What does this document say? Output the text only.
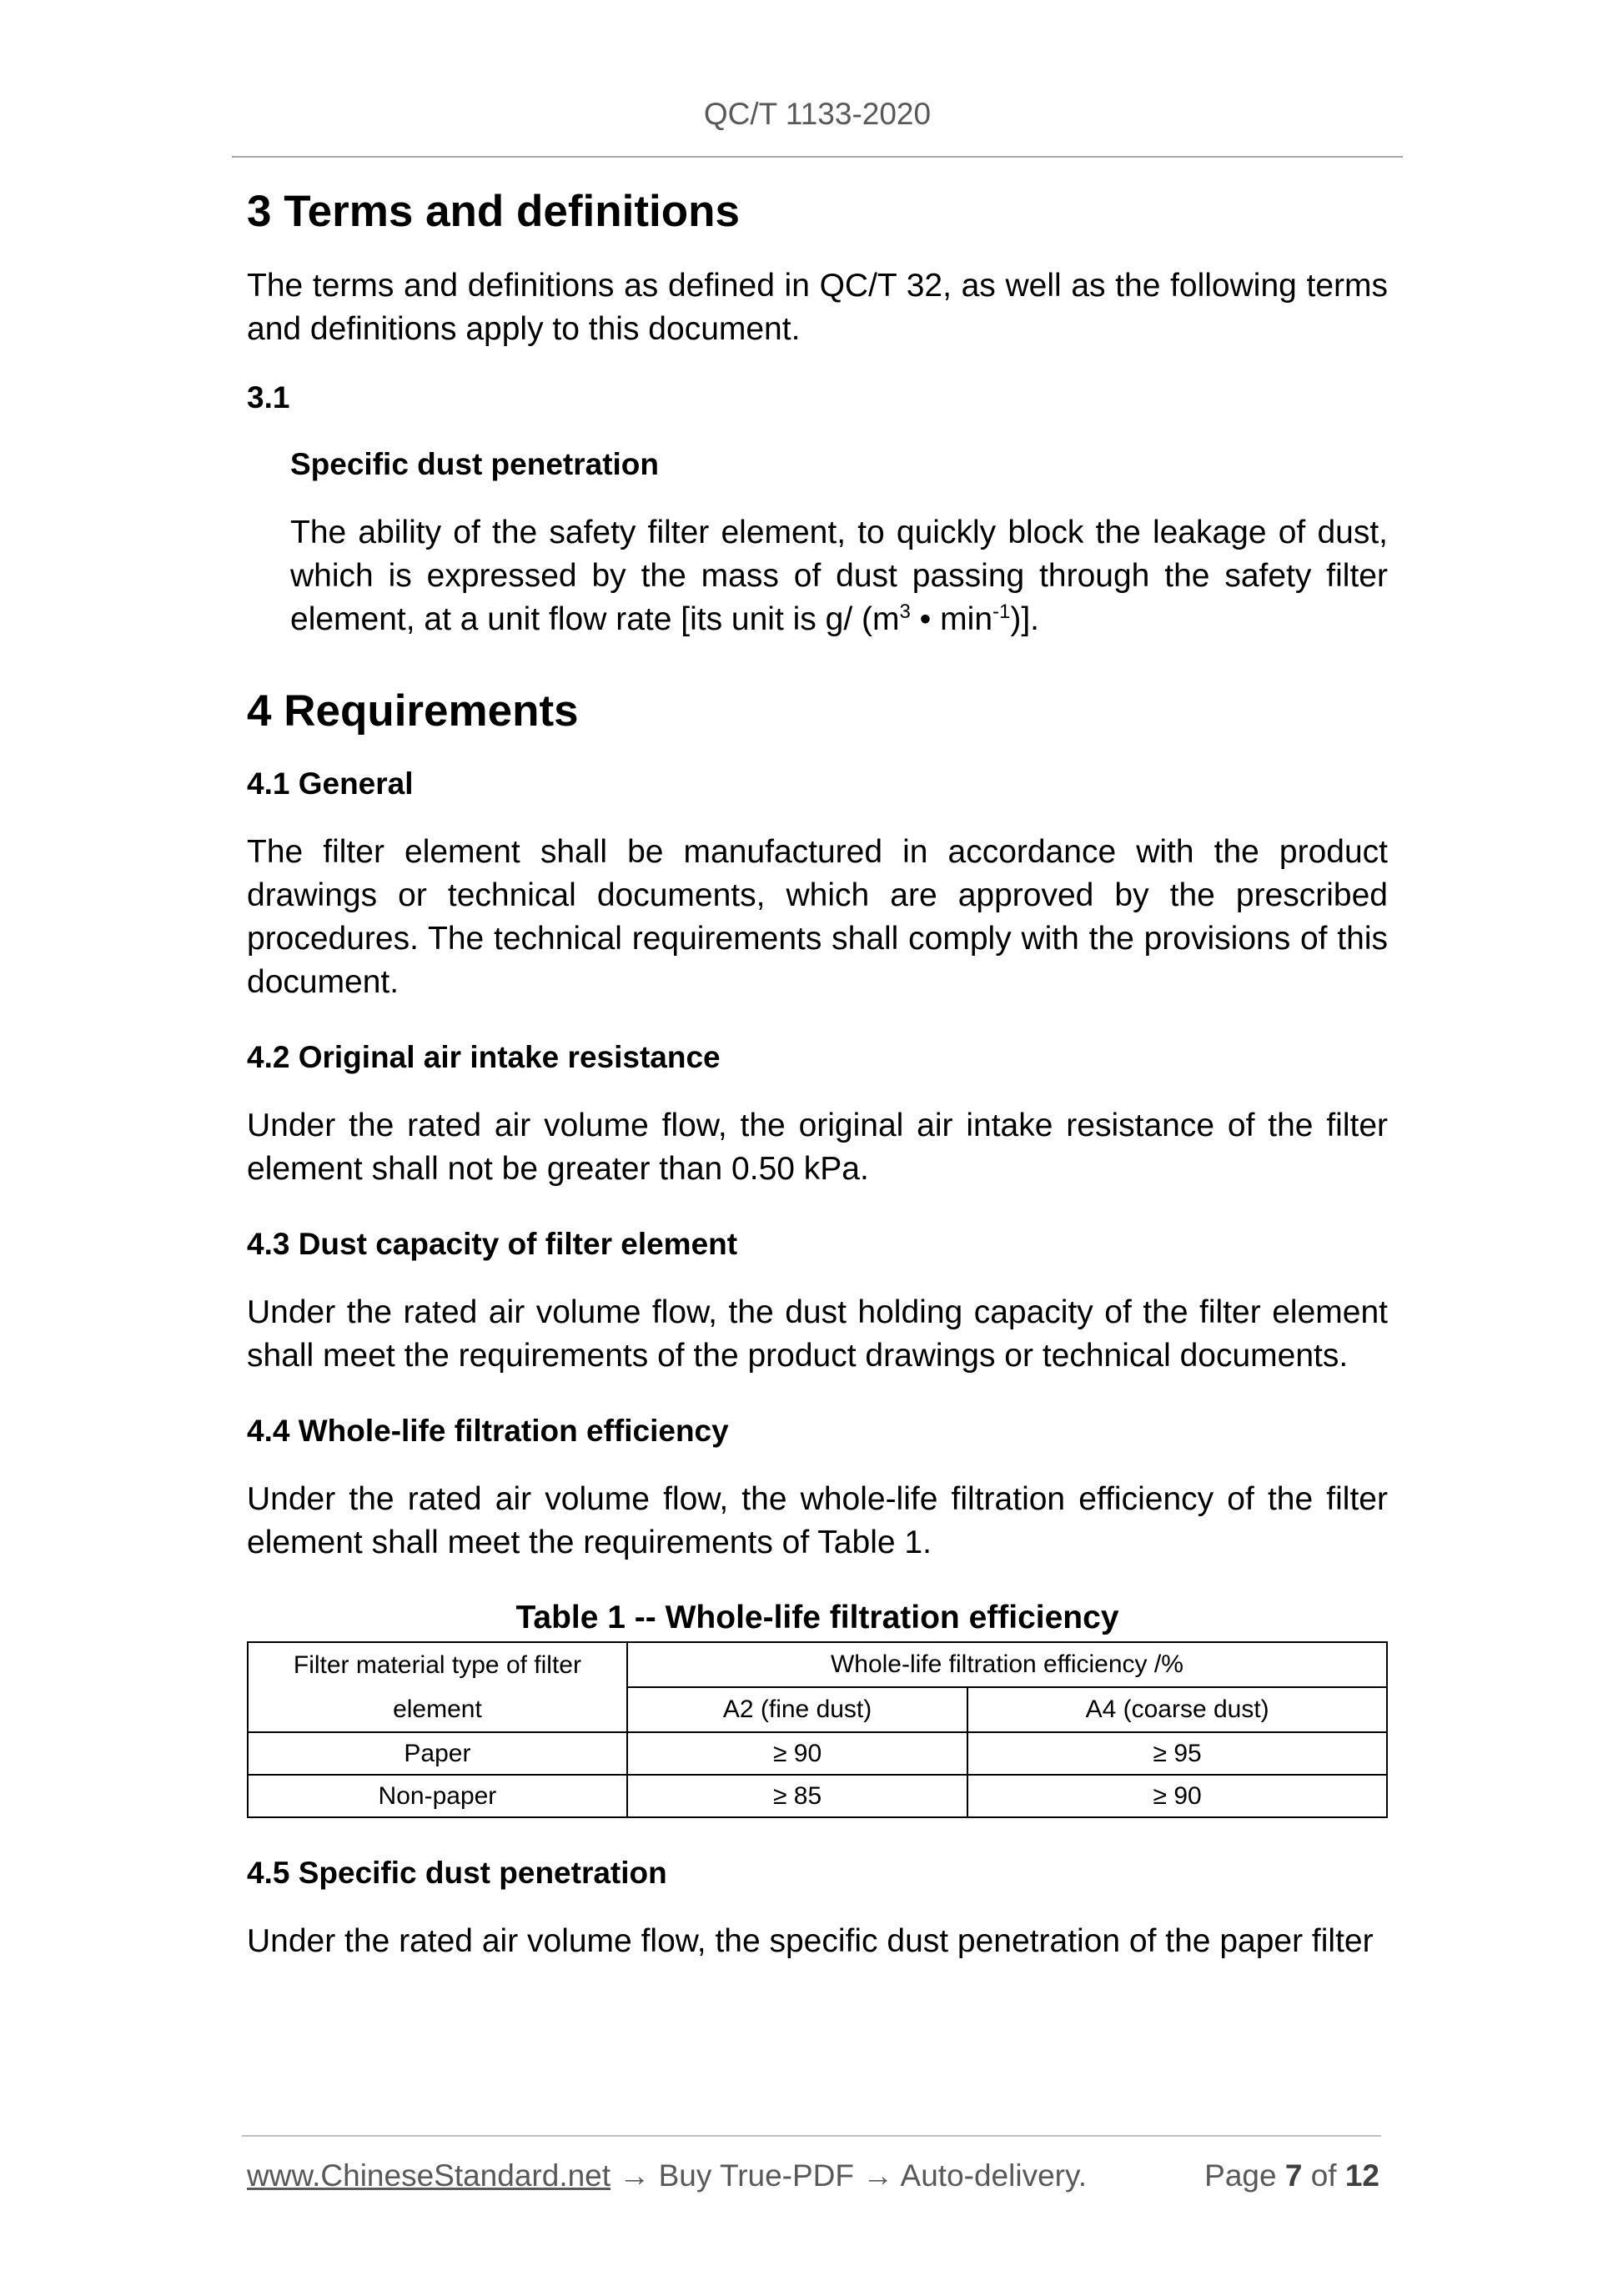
QC/T 1133-2020
3 Terms and definitions

The terms and definitions as defined in QC/T 32, as well as the following terms and definitions apply to this document.

3.1
Specific dust penetration

The ability of the safety filter element, to quickly block the leakage of dust, which is expressed by the mass of dust passing through the safety filter element, at a unit flow rate [its unit is g/ ($m^3$ • $\min^{-1}$)].

4 Requirements
4.1 General

The filter element shall be manufactured in accordance with the product drawings or technical documents, which are approved by the prescribed procedures. The technical requirements shall comply with the provisions of this document.

4.2 Original air intake resistance

Under the rated air volume flow, the original air intake resistance of the filter element shall not be greater than 0.50 kPa.

4.3 Dust capacity of filter element

Under the rated air volume flow, the dust holding capacity of the filter element shall meet the requirements of the product drawings or technical documents.

4.4 Whole-life filtration efficiency

Under the rated air volume flow, the whole-life filtration efficiency of the filter element shall meet the requirements of Table 1.

Table 1 -- Whole-life filtration efficiency
Filter material type of filter
element	Whole-life filtration efficiency /%	
	A2 (fine dust)	A4 (coarse dust)
Paper	≥ 90	≥ 95
Non-paper	≥ 85	≥ 90
4.5 Specific dust penetration

Under the rated air volume flow, the specific dust penetration of the paper filter

www.ChineseStandard.net → Buy True-PDF → Auto-delivery.	Page 7 of 12
